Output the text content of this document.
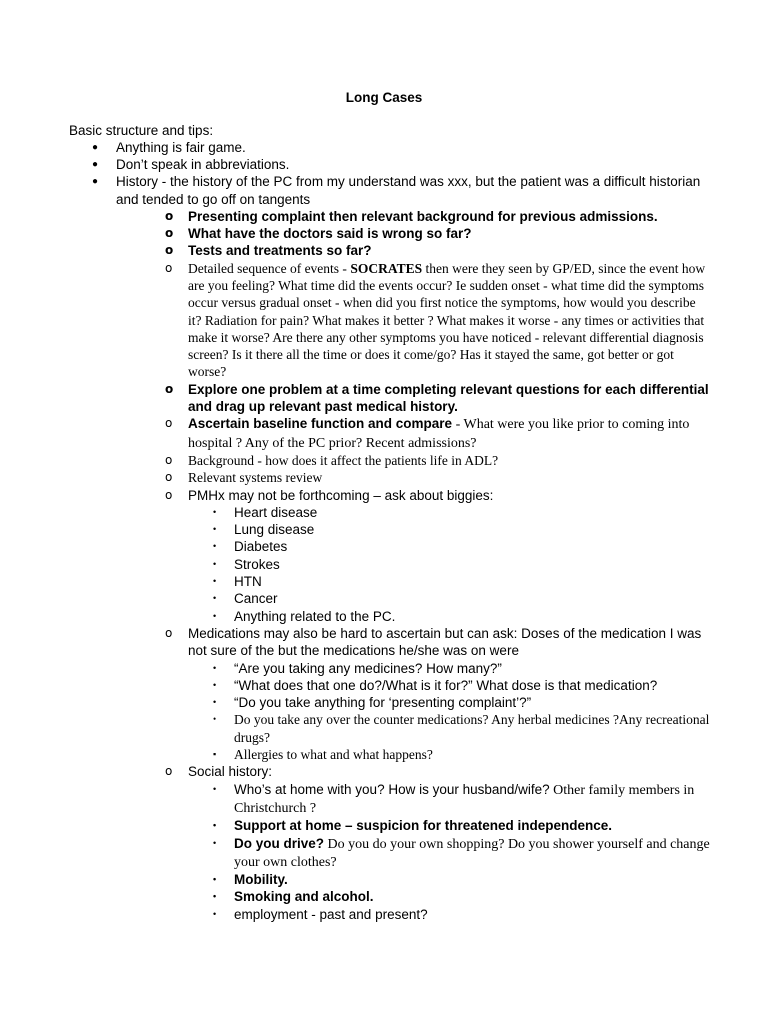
Long Cases
Basic structure and tips:
● Anything is fair game.
● Don’t speak in abbreviations.
● History - the history of the PC from my understand was xxx, but the patient was a difficult historian and tended to go off on tangents
o Presenting complaint then relevant background for previous admissions.
o What have the doctors said is wrong so far?
o Tests and treatments so far?
o Detailed sequence of events - SOCRATES then were they seen by GP/ED, since the event how are you feeling? What time did the events occur? Ie sudden onset - what time did the symptoms occur versus gradual onset - when did you first notice the symptoms, how would you describe it? Radiation for pain? What makes it better ? What makes it worse - any times or activities that make it worse? Are there any other symptoms you have noticed - relevant differential diagnosis screen? Is it there all the time or does it come/go? Has it stayed the same, got better or got worse?
o Explore one problem at a time completing relevant questions for each differential and drag up relevant past medical history.
o Ascertain baseline function and compare - What were you like prior to coming into hospital ? Any of the PC prior? Recent admissions?
o Background - how does it affect the patients life in ADL?
o Relevant systems review
o PMHx may not be forthcoming – ask about biggies:
• Heart disease
• Lung disease
• Diabetes
• Strokes
• HTN
• Cancer
• Anything related to the PC.
o Medications may also be hard to ascertain but can ask: Doses of the medication I was not sure of the but the medications he/she was on were
• “Are you taking any medicines? How many?”
• “What does that one do?/What is it for?” What dose is that medication?
• “Do you take anything for ‘presenting complaint’?”
• Do you take any over the counter medications? Any herbal medicines ?Any recreational drugs?
▪ Allergies to what and what happens?
o Social history:
• Who’s at home with you? How is your husband/wife? Other family members in Christchurch ?
• Support at home – suspicion for threatened independence.
• Do you drive? Do you do your own shopping? Do you shower yourself and change your own clothes?
• Mobility.
• Smoking and alcohol.
• employment - past and present?
